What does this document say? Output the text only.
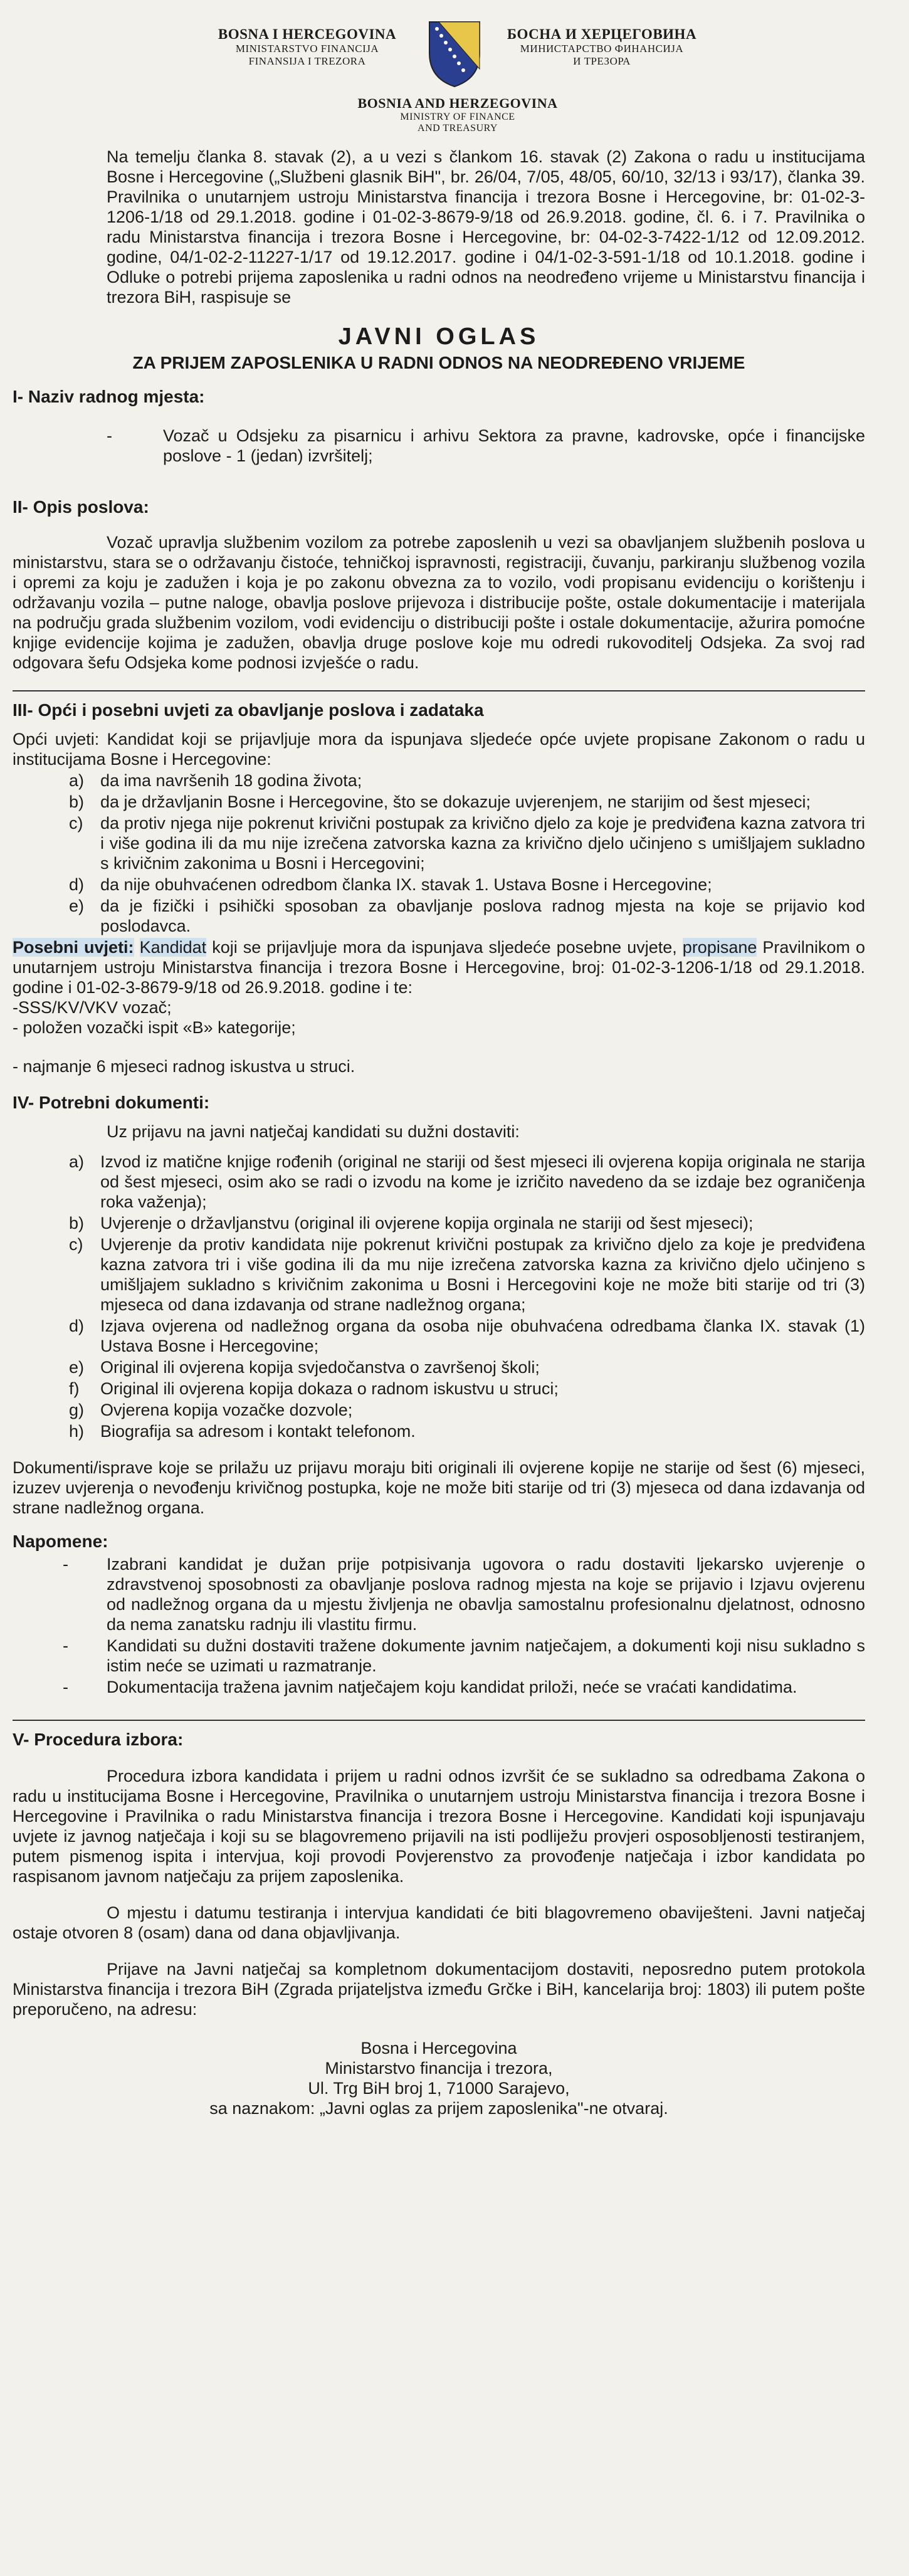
BOSNA I HERCEGOVINA
MINISTARSTVO FINANCIJA
FINANSIJA I TREZORA
БОСНА И ХЕРЦЕГОВИНА
МИНИСТАРСТВО ФИНАНСИЈА
И ТРЕЗОРА
BOSNIA AND HERZEGOVINA
MINISTRY OF FINANCE
AND TREASURY

Na temelju članka 8. stavak (2), a u vezi s člankom 16. stavak (2) Zakona o radu u institucijama Bosne i Hercegovine („Službeni glasnik BiH", br. 26/04, 7/05, 48/05, 60/10, 32/13 i 93/17), članka 39. Pravilnika o unutarnjem ustroju Ministarstva financija i trezora Bosne i Hercegovine, br: 01-02-3-1206-1/18 od 29.1.2018. godine i 01-02-3-8679-9/18 od 26.9.2018. godine, čl. 6. i 7. Pravilnika o radu Ministarstva financija i trezora Bosne i Hercegovine, br: 04-02-3-7422-1/12 od 12.09.2012. godine, 04/1-02-2-11227-1/17 od 19.12.2017. godine i 04/1-02-3-591-1/18 od 10.1.2018. godine i Odluke o potrebi prijema zaposlenika u radni odnos na neodređeno vrijeme u Ministarstvu financija i trezora BiH, raspisuje se

JAVNI OGLAS
ZA PRIJEM ZAPOSLENIKA U RADNI ODNOS NA NEODREĐENO VRIJEME
I- Naziv radnog mjesta:
-	Vozač u Odsjeku za pisarnicu i arhivu Sektora za pravne, kadrovske, opće i financijske poslove - 1 (jedan) izvršitelj;

II- Opis poslova:

Vozač upravlja službenim vozilom za potrebe zaposlenih u vezi sa obavljanjem službenih poslova u ministarstvu, stara se o održavanju čistoće, tehničkoj ispravnosti, registraciji, čuvanju, parkiranju službenog vozila i opremi za koju je zadužen i koja je po zakonu obvezna za to vozilo, vodi propisanu evidenciju o korištenju i održavanju vozila – putne naloge, obavlja poslove prijevoza i distribucije pošte, ostale dokumentacije i materijala na području grada službenim vozilom, vodi evidenciju o distribuciji pošte i ostale dokumentacije, ažurira pomoćne knjige evidencije kojima je zadužen, obavlja druge poslove koje mu odredi rukovoditelj Odsjeka. Za svoj rad odgovara šefu Odsjeka kome podnosi izvješće o radu.

III- Opći i posebni uvjeti za obavljanje poslova i zadataka

Opći uvjeti: Kandidat koji se prijavljuje mora da ispunjava sljedeće opće uvjete propisane Zakonom o radu u institucijama Bosne i Hercegovine:

a) da ima navršenih 18 godina života;

b) da je državljanin Bosne i Hercegovine, što se dokazuje uvjerenjem, ne starijim od šest mjeseci;

c)	da protiv njega nije pokrenut krivični postupak za krivično djelo za koje je predviđena kazna zatvora tri i više godina ili da mu nije izrečena zatvorska kazna za krivično djelo učinjeno s umišljajem sukladno s krivičnim zakonima u Bosni i Hercegovini;

d) da nije obuhvaćenen odredbom članka IX. stavak 1. Ustava Bosne i Hercegovine;

e) da je fizički i psihički sposoban za obavljanje poslova radnog mjesta na koje se prijavio kod poslodavca.

Posebni uvjeti: Kandidat koji se prijavljuje mora da ispunjava sljedeće posebne uvjete, propisane Pravilnikom o unutarnjem ustroju Ministarstva financija i trezora Bosne i Hercegovine, broj: 01-02-3-1206-1/18 od 29.1.2018. godine i 01-02-3-8679-9/18 od 26.9.2018. godine i te:

-SSS/KV/VKV vozač;
- položen vozački ispit «B» kategorije;
- najmanje 6 mjeseci radnog iskustva u struci.
IV- Potrebni dokumenti:

Uz prijavu na javni natječaj kandidati su dužni dostaviti:

a) Izvod iz matične knjige rođenih (original ne stariji od šest mjeseci ili ovjerena kopija originala ne starija od šest mjeseci, osim ako se radi o izvodu na kome je izričito navedeno da se izdaje bez ograničenja roka važenja);

b) Uvjerenje o državljanstvu (original ili ovjerene kopija orginala ne stariji od šest mjeseci);

c)	Uvjerenje da protiv kandidata nije pokrenut krivični postupak za krivično djelo za koje je predviđena kazna zatvora tri i više godina ili da mu nije izrečena zatvorska kazna za krivično djelo učinjeno s umišljajem sukladno s krivičnim zakonima u Bosni i Hercegovini koje ne može biti starije od tri (3) mjeseca od dana izdavanja od strane nadležnog organa;

d) Izjava ovjerena od nadležnog organa da osoba nije obuhvaćena odredbama članka IX. stavak (1) Ustava Bosne i Hercegovine;

e) Original ili ovjerena kopija svjedočanstva o završenoj školi;

f)	Original ili ovjerena kopija dokaza o radnom iskustvu u struci;

g) Ovjerena kopija vozačke dozvole;

h) Biografija sa adresom i kontakt telefonom.

Dokumenti/isprave koje se prilažu uz prijavu moraju biti originali ili ovjerene kopije ne starije od šest (6) mjeseci, izuzev uvjerenja o nevođenju krivičnog postupka, koje ne može biti starije od tri (3) mjeseca od dana izdavanja od strane nadležnog organa.

Napomene:
-	Izabrani kandidat je dužan prije potpisivanja ugovora o radu dostaviti ljekarsko uvjerenje o zdravstvenoj sposobnosti za obavljanje poslova radnog mjesta na koje se prijavio i Izjavu ovjerenu od nadležnog organa da u mjestu življenja ne obavlja samostalnu profesionalnu djelatnost, odnosno da nema zanatsku radnju ili vlastitu firmu.

-	Kandidati su dužni dostaviti tražene dokumente javnim natječajem, a dokumenti koji nisu sukladno s istim neće se uzimati u razmatranje.

-	Dokumentacija tražena javnim natječajem koju kandidat priloži, neće se vraćati kandidatima.

V- Procedura izbora:

Procedura izbora kandidata i prijem u radni odnos izvršit će se sukladno sa odredbama Zakona o radu u institucijama Bosne i Hercegovine, Pravilnika o unutarnjem ustroju Ministarstva financija i trezora Bosne i Hercegovine i Pravilnika o radu Ministarstva financija i trezora Bosne i Hercegovine. Kandidati koji ispunjavaju uvjete iz javnog natječaja i koji su se blagovremeno prijavili na isti podliježu provjeri osposobljenosti testiranjem, putem pismenog ispita i intervjua, koji provodi Povjerenstvo za provođenje natječaja i izbor kandidata po raspisanom javnom natječaju za prijem zaposlenika.

O mjestu i datumu testiranja i intervjua kandidati će biti blagovremeno obaviješteni. Javni natječaj ostaje otvoren 8 (osam) dana od dana objavljivanja.

Prijave na Javni natječaj sa kompletnom dokumentacijom dostaviti, neposredno putem protokola Ministarstva financija i trezora BiH (Zgrada prijateljstva između Grčke i BiH, kancelarija broj: 1803) ili putem pošte preporučeno, na adresu:

Bosna i Hercegovina
Ministarstvo financija i trezora,
Ul. Trg BiH broj 1, 71000 Sarajevo,
sa naznakom: „Javni oglas za prijem zaposlenika"-ne otvaraj.
